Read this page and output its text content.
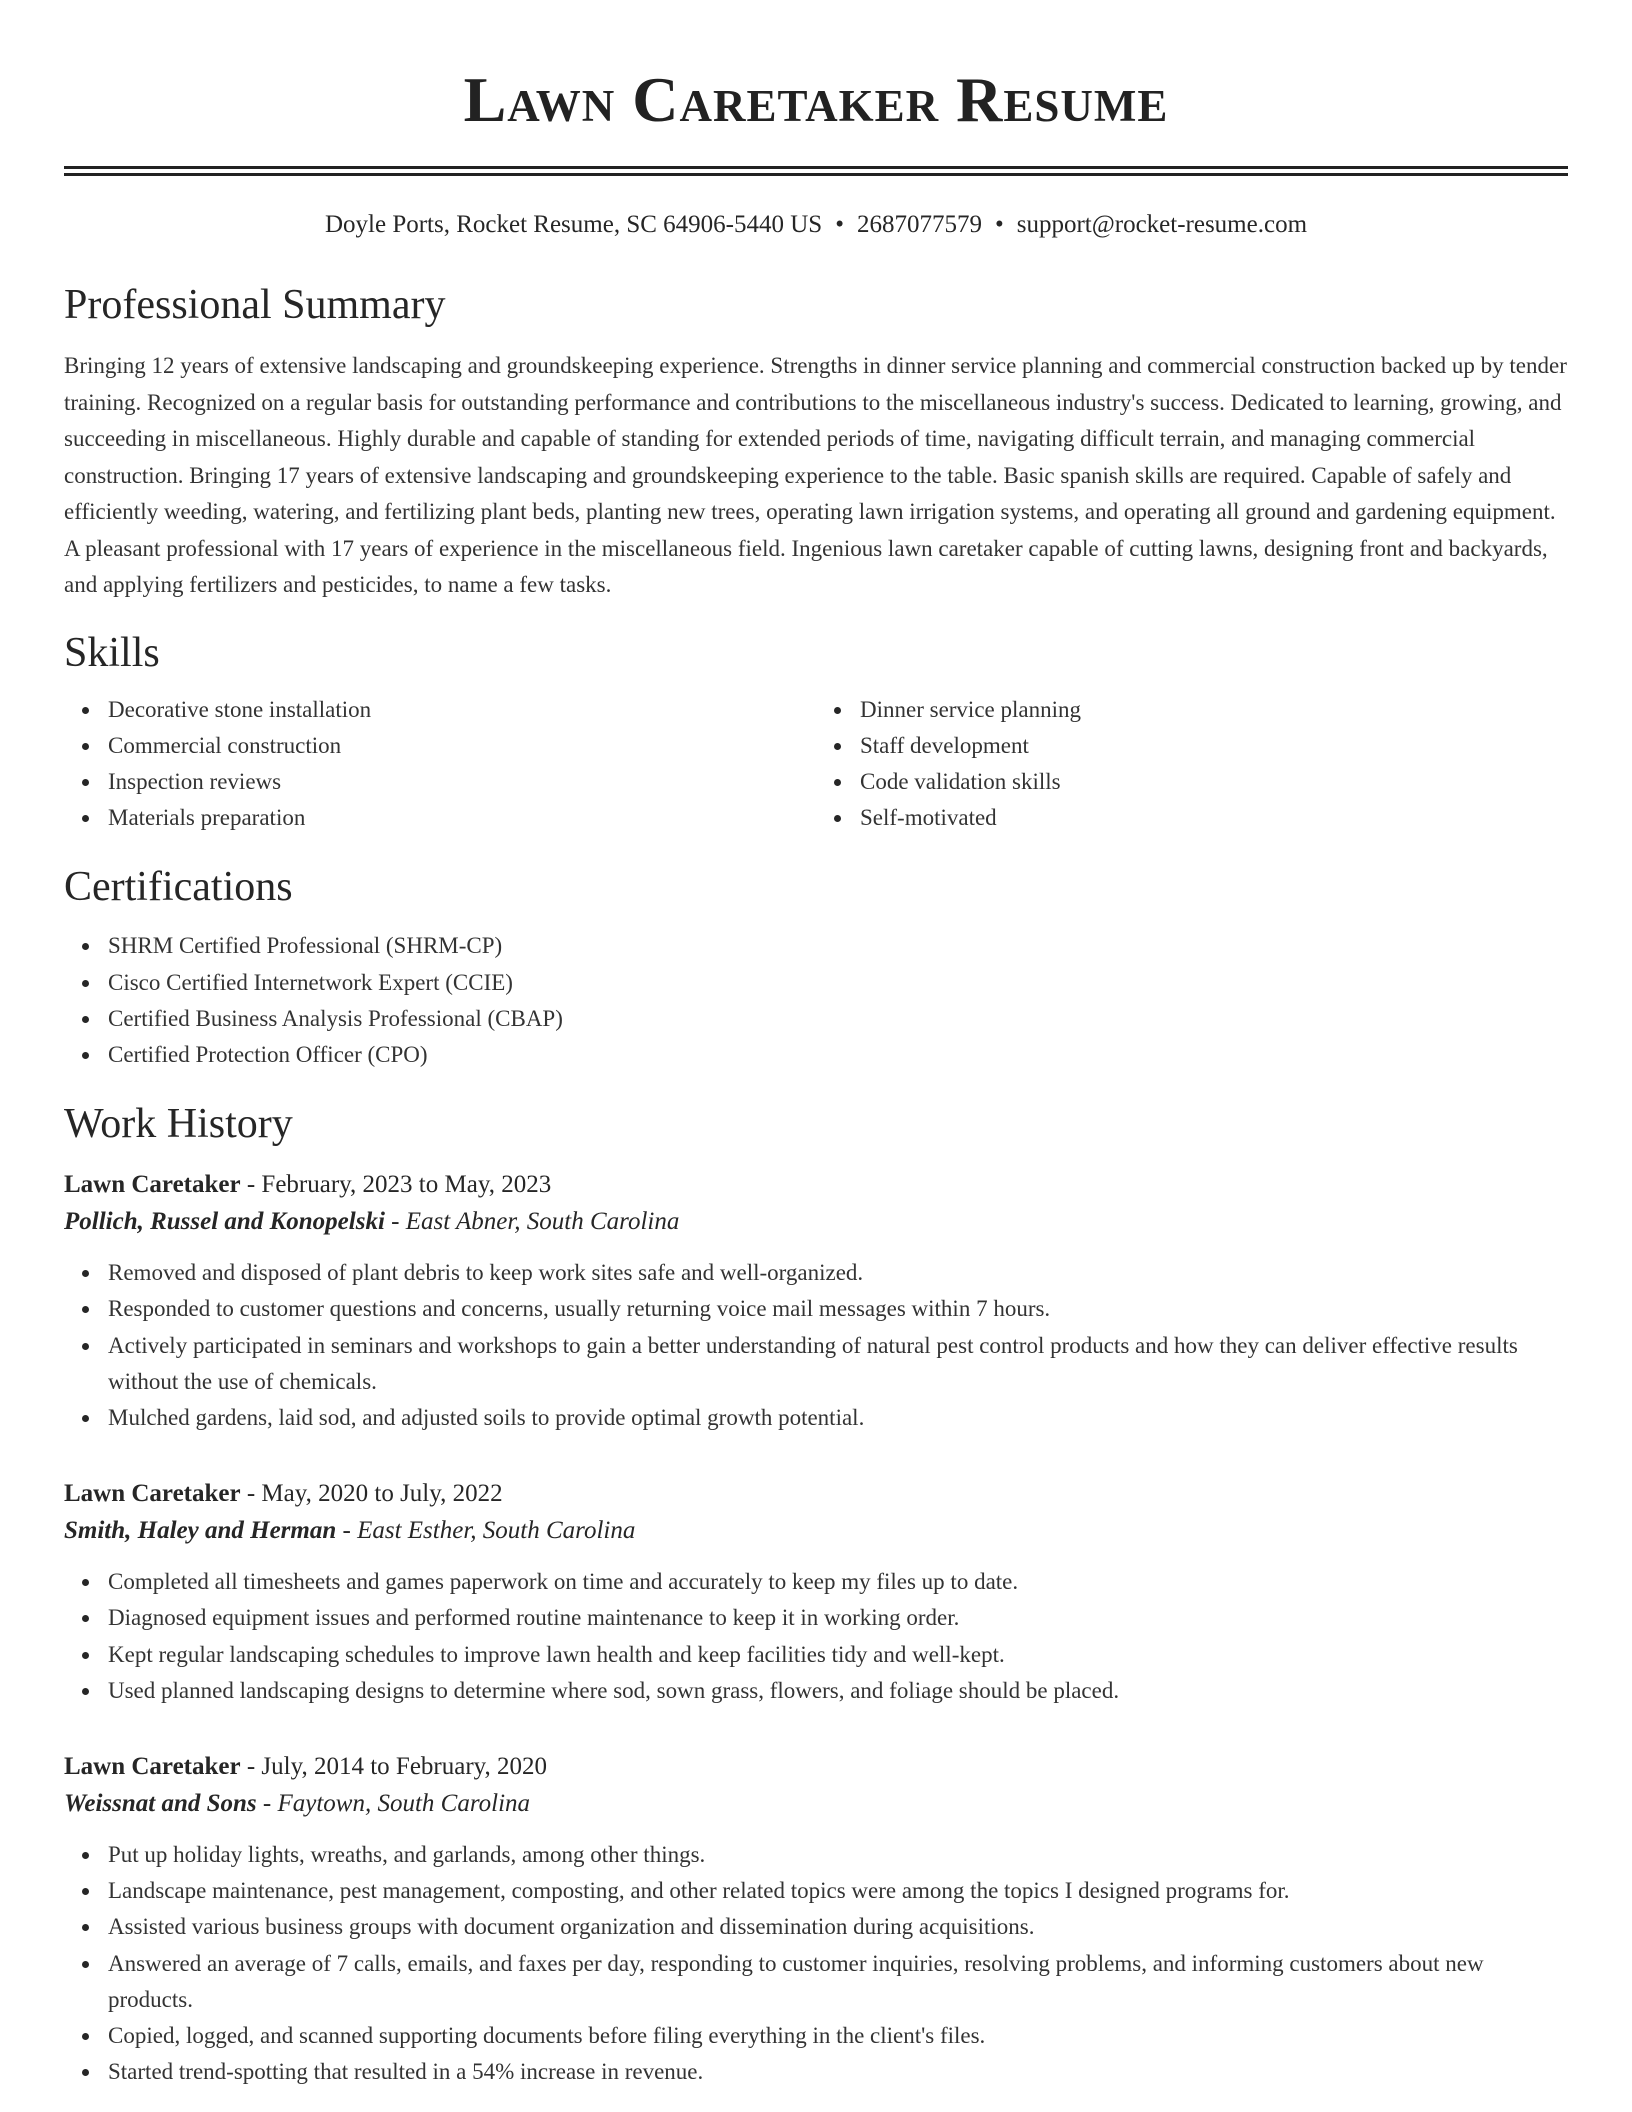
Lawn Caretaker Resume
Doyle Ports, Rocket Resume, SC 64906-5440 US • 2687077579 • support@rocket-resume.com
Professional Summary

Bringing 12 years of extensive landscaping and groundskeeping experience. Strengths in dinner service planning and commercial construction backed up by tender training. Recognized on a regular basis for outstanding performance and contributions to the miscellaneous industry's success. Dedicated to learning, growing, and succeeding in miscellaneous. Highly durable and capable of standing for extended periods of time, navigating difficult terrain, and managing commercial construction. Bringing 17 years of extensive landscaping and groundskeeping experience to the table. Basic spanish skills are required. Capable of safely and efficiently weeding, watering, and fertilizing plant beds, planting new trees, operating lawn irrigation systems, and operating all ground and gardening equipment. A pleasant professional with 17 years of experience in the miscellaneous field. Ingenious lawn caretaker capable of cutting lawns, designing front and backyards, and applying fertilizers and pesticides, to name a few tasks.

Skills
Decorative stone installation
Commercial construction
Inspection reviews
Materials preparation
Dinner service planning
Staff development
Code validation skills
Self-motivated
Certifications
SHRM Certified Professional (SHRM-CP)
Cisco Certified Internetwork Expert (CCIE)
Certified Business Analysis Professional (CBAP)
Certified Protection Officer (CPO)
Work History
Lawn Caretaker - February, 2023 to May, 2023
Pollich, Russel and Konopelski - East Abner, South Carolina
Removed and disposed of plant debris to keep work sites safe and well-organized.
Responded to customer questions and concerns, usually returning voice mail messages within 7 hours.
Actively participated in seminars and workshops to gain a better understanding of natural pest control products and how they can deliver effective results without the use of chemicals.
Mulched gardens, laid sod, and adjusted soils to provide optimal growth potential.
Lawn Caretaker - May, 2020 to July, 2022
Smith, Haley and Herman - East Esther, South Carolina
Completed all timesheets and games paperwork on time and accurately to keep my files up to date.
Diagnosed equipment issues and performed routine maintenance to keep it in working order.
Kept regular landscaping schedules to improve lawn health and keep facilities tidy and well-kept.
Used planned landscaping designs to determine where sod, sown grass, flowers, and foliage should be placed.
Lawn Caretaker - July, 2014 to February, 2020
Weissnat and Sons - Faytown, South Carolina
Put up holiday lights, wreaths, and garlands, among other things.
Landscape maintenance, pest management, composting, and other related topics were among the topics I designed programs for.
Assisted various business groups with document organization and dissemination during acquisitions.
Answered an average of 7 calls, emails, and faxes per day, responding to customer inquiries, resolving problems, and informing customers about new products.
Copied, logged, and scanned supporting documents before filing everything in the client's files.
Started trend-spotting that resulted in a 54% increase in revenue.
